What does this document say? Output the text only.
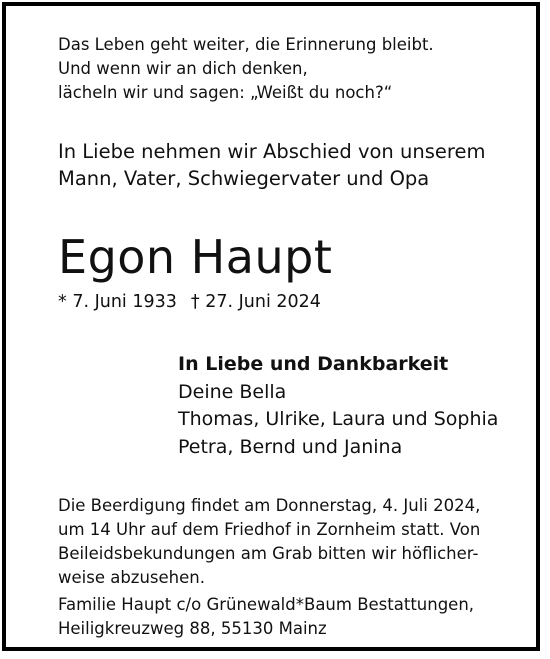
Das Leben geht weiter, die Erinnerung bleibt.
Und wenn wir an dich denken,
lächeln wir und sagen: „Weißt du noch?“
In Liebe nehmen wir Abschied von unserem
Mann, Vater, Schwiegervater und Opa
Egon Haupt
* 7. Juni 1933 † 27. Juni 2024
In Liebe und Dankbarkeit
Deine Bella
Thomas, Ulrike, Laura und Sophia
Petra, Bernd und Janina
Die Beerdigung findet am Donnerstag, 4. Juli 2024,
um 14 Uhr auf dem Friedhof in Zornheim statt. Von
Beileidsbekundungen am Grab bitten wir höflicher-
weise abzusehen.
Familie Haupt c/o Grünewald*Baum Bestattungen,
Heiligkreuzweg 88, 55130 Mainz
